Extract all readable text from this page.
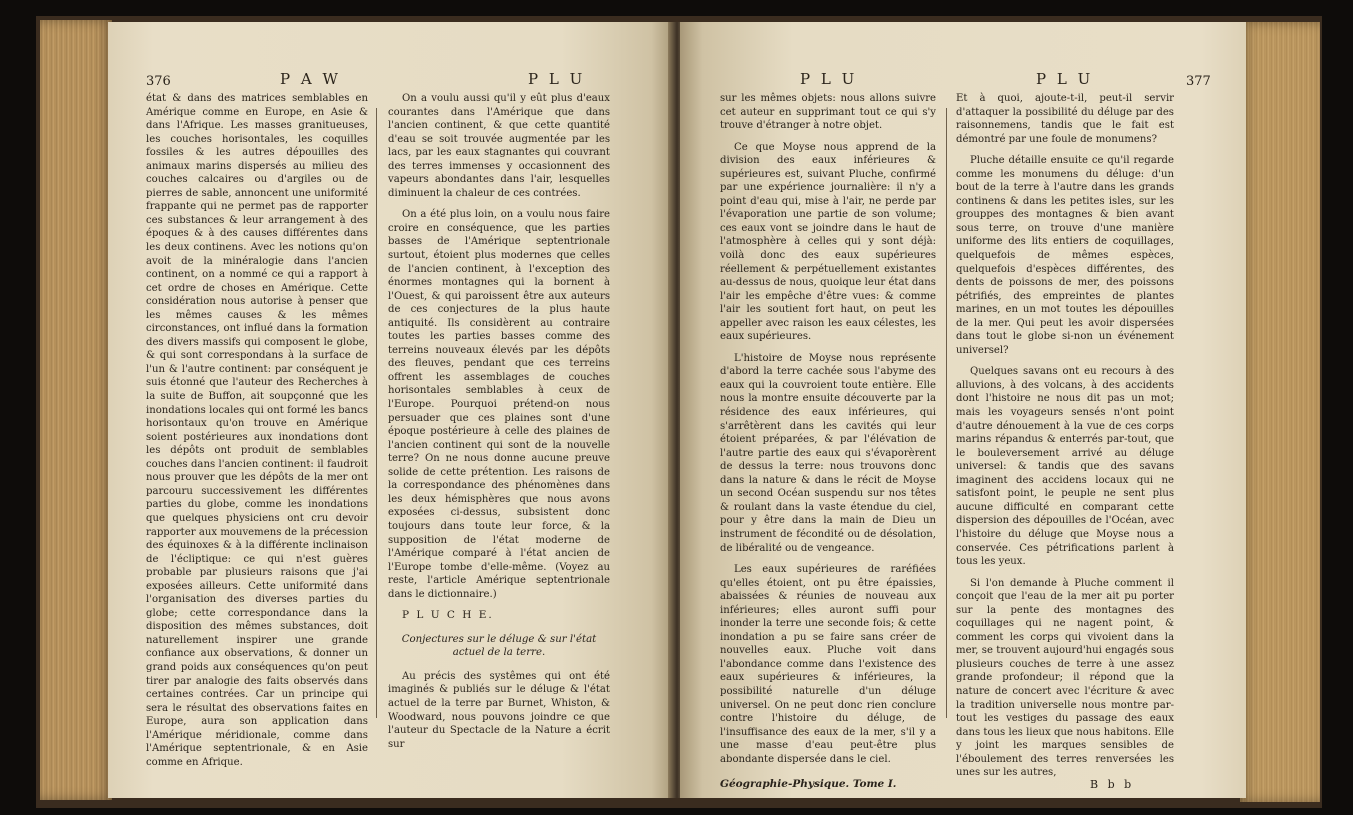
376	P A W	P L U

état & dans des matrices semblables en Amérique comme en Europe, en Asie & dans l'Afrique. Les masses granitueuses, les couches horisontales, les coquilles fossiles & les autres dépouilles des animaux marins dispersés au milieu des couches calcaires ou d'argiles ou de pierres de sable, annoncent une uniformité frappante qui ne permet pas de rapporter ces substances & leur arrangement à des époques & à des causes différentes dans les deux continens. Avec les notions qu'on avoit de la minéralogie dans l'ancien continent, on a nommé ce qui a rapport à cet ordre de choses en Amérique. Cette considération nous autorise à penser que les mêmes causes & les mêmes circonstances, ont influé dans la formation des divers massifs qui composent le globe, & qui sont correspondans à la surface de l'un & l'autre continent: par conséquent je suis étonné que l'auteur des Recherches à la suite de Buffon, ait soupçonné que les inondations locales qui ont formé les bancs horisontaux qu'on trouve en Amérique soient postérieures aux inondations dont les dépôts ont produit de semblables couches dans l'ancien continent: il faudroit nous prouver que les dépôts de la mer ont parcouru successivement les différentes parties du globe, comme les inondations que quelques physiciens ont cru devoir rapporter aux mouvemens de la précession des équinoxes & à la différente inclinaison de l'écliptique: ce qui n'est guères probable par plusieurs raisons que j'ai exposées ailleurs. Cette uniformité dans l'organisation des diverses parties du globe; cette correspondance dans la disposition des mêmes substances, doit naturellement inspirer une grande confiance aux observations, & donner un grand poids aux conséquences qu'on peut tirer par analogie des faits observés dans certaines contrées. Car un principe qui sera le résultat des observations faites en Europe, aura son application dans l'Amérique méridionale, comme dans l'Amérique septentrionale, & en Asie comme en Afrique.

On a voulu aussi qu'il y eût plus d'eaux courantes dans l'Amérique que dans l'ancien continent, & que cette quantité d'eau se soit trouvée augmentée par les lacs, par les eaux stagnantes qui couvrant des terres immenses y occasionnent des vapeurs abondantes dans l'air, lesquelles diminuent la chaleur de ces contrées.

On a été plus loin, on a voulu nous faire croire en conséquence, que les parties basses de l'Amérique septentrionale surtout, étoient plus modernes que celles de l'ancien continent, à l'exception des énormes montagnes qui la bornent à l'Ouest, & qui paroissent être aux auteurs de ces conjectures de la plus haute antiquité. Ils considèrent au contraire toutes les parties basses comme des terreins nouveaux élevés par les dépôts des fleuves, pendant que ces terreins offrent les assemblages de couches horisontales semblables à ceux de l'Europe. Pourquoi prétend-on nous persuader que ces plaines sont d'une époque postérieure à celle des plaines de l'ancien continent qui sont de la nouvelle terre? On ne nous donne aucune preuve solide de cette prétention. Les raisons de la correspondance des phénomènes dans les deux hémisphères que nous avons exposées ci-dessus, subsistent donc toujours dans toute leur force, & la supposition de l'état moderne de l'Amérique comparé à l'état ancien de l'Europe tombe d'elle-même. (Voyez au reste, l'article Amérique septentrionale dans le dictionnaire.)

P L U C H E.
Conjectures sur le déluge & sur l'état actuel de la terre.

Au précis des systêmes qui ont été imaginés & publiés sur le déluge & l'état actuel de la terre par Burnet, Whiston, & Woodward, nous pouvons joindre ce que l'auteur du Spectacle de la Nature a écrit sur

P L U	P L U	377

sur les mêmes objets: nous allons suivre cet auteur en supprimant tout ce qui s'y trouve d'étranger à notre objet.

Ce que Moyse nous apprend de la division des eaux inférieures & supérieures est, suivant Pluche, confirmé par une expérience journalière: il n'y a point d'eau qui, mise à l'air, ne perde par l'évaporation une partie de son volume; ces eaux vont se joindre dans le haut de l'atmosphère à celles qui y sont déjà: voilà donc des eaux supérieures réellement & perpétuellement existantes au-dessus de nous, quoique leur état dans l'air les empêche d'être vues: & comme l'air les soutient fort haut, on peut les appeller avec raison les eaux célestes, les eaux supérieures.

L'histoire de Moyse nous représente d'abord la terre cachée sous l'abyme des eaux qui la couvroient toute entière. Elle nous la montre ensuite découverte par la résidence des eaux inférieures, qui s'arrêtèrent dans les cavités qui leur étoient préparées, & par l'élévation de l'autre partie des eaux qui s'évaporèrent de dessus la terre: nous trouvons donc dans la nature & dans le récit de Moyse un second Océan suspendu sur nos têtes & roulant dans la vaste étendue du ciel, pour y être dans la main de Dieu un instrument de fécondité ou de désolation, de libéralité ou de vengeance.

Les eaux supérieures de raréfiées qu'elles étoient, ont pu être épaissies, abaissées & réunies de nouveau aux inférieures; elles auront suffi pour inonder la terre une seconde fois; & cette inondation a pu se faire sans créer de nouvelles eaux. Pluche voit dans l'abondance comme dans l'existence des eaux supérieures & inférieures, la possibilité naturelle d'un déluge universel. On ne peut donc rien conclure contre l'histoire du déluge, de l'insuffisance des eaux de la mer, s'il y a une masse d'eau peut-être plus abondante dispersée dans le ciel.

Et à quoi, ajoute-t-il, peut-il servir d'attaquer la possibilité du déluge par des raisonnemens, tandis que le fait est démontré par une foule de monumens?

Pluche détaille ensuite ce qu'il regarde comme les monumens du déluge: d'un bout de la terre à l'autre dans les grands continens & dans les petites isles, sur les grouppes des montagnes & bien avant sous terre, on trouve d'une manière uniforme des lits entiers de coquillages, quelquefois de mêmes espèces, quelquefois d'espèces différentes, des dents de poissons de mer, des poissons pétrifiés, des empreintes de plantes marines, en un mot toutes les dépouilles de la mer. Qui peut les avoir dispersées dans tout le globe si-non un événement universel?

Quelques savans ont eu recours à des alluvions, à des volcans, à des accidents dont l'histoire ne nous dit pas un mot; mais les voyageurs sensés n'ont point d'autre dénouement à la vue de ces corps marins répandus & enterrés par-tout, que le bouleversement arrivé au déluge universel: & tandis que des savans imaginent des accidens locaux qui ne satisfont point, le peuple ne sent plus aucune difficulté en comparant cette dispersion des dépouilles de l'Océan, avec l'histoire du déluge que Moyse nous a conservée. Ces pétrifications parlent à tous les yeux.

Si l'on demande à Pluche comment il conçoit que l'eau de la mer ait pu porter sur la pente des montagnes des coquillages qui ne nagent point, & comment les corps qui vivoient dans la mer, se trouvent aujourd'hui engagés sous plusieurs couches de terre à une assez grande profondeur; il répond que la nature de concert avec l'écriture & avec la tradition universelle nous montre par-tout les vestiges du passage des eaux dans tous les lieux que nous habitons. Elle y joint les marques sensibles de l'éboulement des terres renversées les unes sur les autres,

Géographie-Physique. Tome I.	B b b
